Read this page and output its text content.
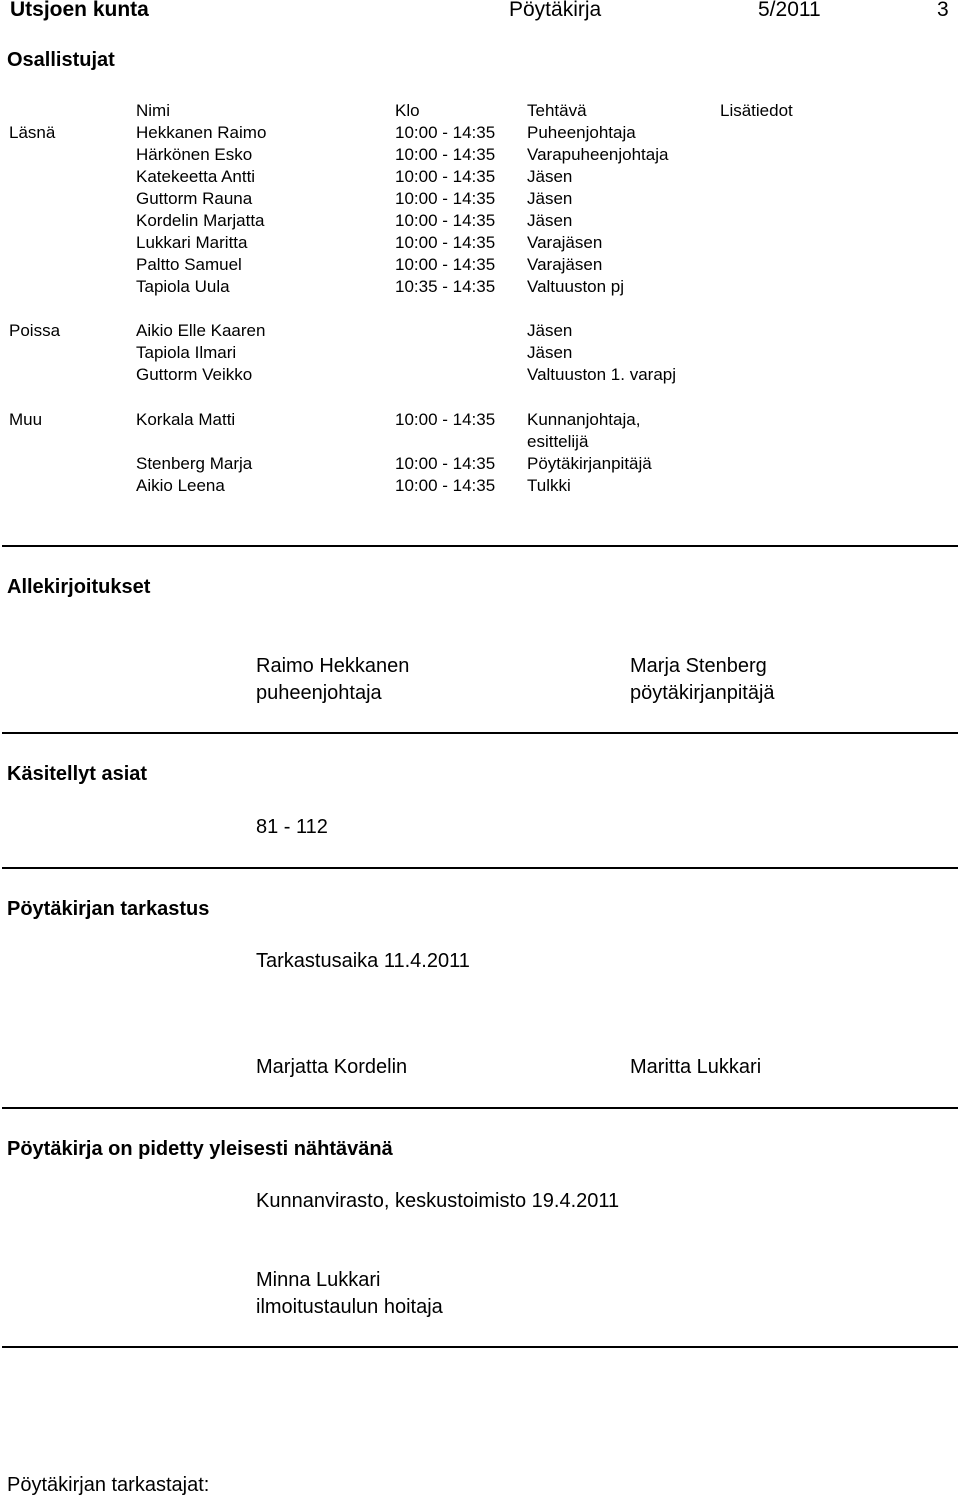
Utsjoen kunta	Pöytäkirja	5/2011	3
Osallistujat
Nimi	Klo	Tehtävä	Lisätiedot
Läsnä	Hekkanen Raimo	10:00 - 14:35 Puheenjohtaja
Härkönen Esko	10:00 - 14:35 Varapuheenjohtaja
Katekeetta Antti	10:00 - 14:35 Jäsen
Guttorm Rauna	10:00 - 14:35 Jäsen
Kordelin Marjatta	10:00 - 14:35 Jäsen
Lukkari Maritta	10:00 - 14:35 Varajäsen
Paltto Samuel	10:00 - 14:35 Varajäsen
Tapiola Uula	10:35 - 14:35 Valtuuston pj
Poissa	Aikio Elle Kaaren	Jäsen
Tapiola Ilmari	Jäsen
Guttorm Veikko	Valtuuston 1. varapj
Muu	Korkala Matti	10:00 - 14:35 Kunnanjohtaja,
esittelijä
Stenberg Marja	10:00 - 14:35 Pöytäkirjanpitäjä
Aikio Leena	10:00 - 14:35 Tulkki
Allekirjoitukset
Raimo Hekkanen
puheenjohtaja
Marja Stenberg
pöytäkirjanpitäjä
Käsitellyt asiat
81 - 112
Pöytäkirjan tarkastus
Tarkastusaika 11.4.2011
Marjatta Kordelin	Maritta Lukkari
Pöytäkirja on pidetty yleisesti nähtävänä
Kunnanvirasto, keskustoimisto 19.4.2011
Minna Lukkari
ilmoitustaulun hoitaja
Pöytäkirjan tarkastajat:
